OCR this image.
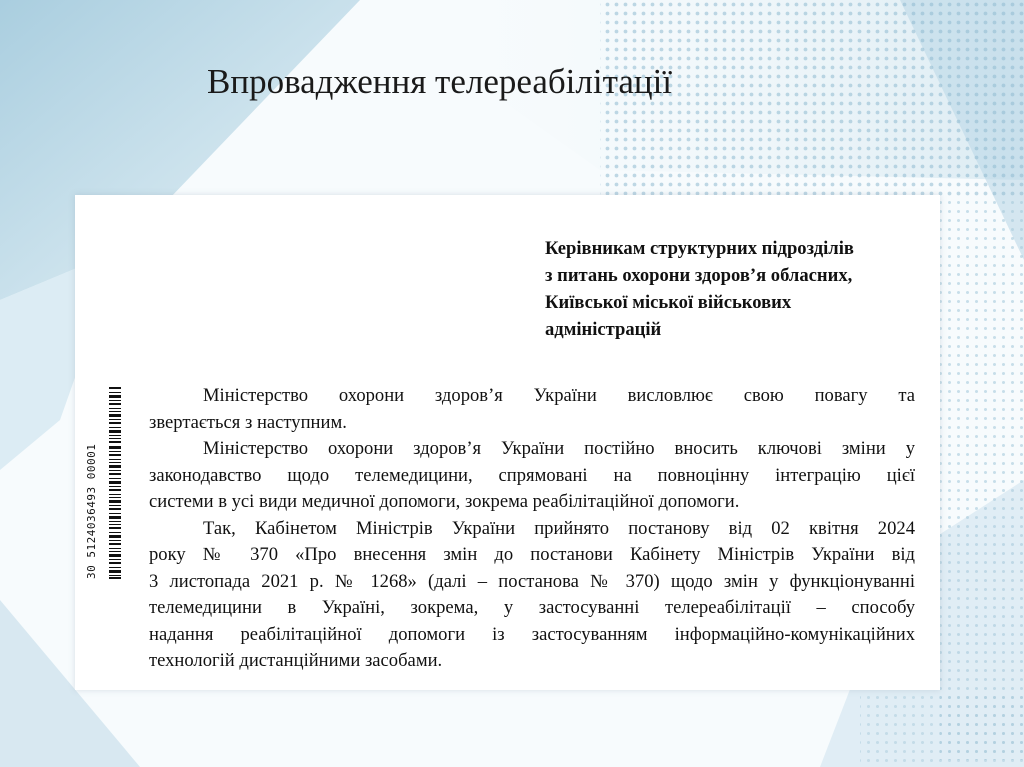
Впровадження телереабілітації
Керівникам структурних підрозділів
з питань охорони здоров’я обласних,
Київської міської військових
адміністрацій
30 5124036493 00001
Міністерство охорони здоров’я України висловлює свою повагу та
звертається з наступним.
Міністерство охорони здоров’я України постійно вносить ключові зміни у
законодавство щодо телемедицини, спрямовані на повноцінну інтеграцію цієї
системи в усі види медичної допомоги, зокрема реабілітаційної допомоги.
Так, Кабінетом Міністрів України прийнято постанову від 02 квітня 2024
року № 370 «Про внесення змін до постанови Кабінету Міністрів України від
3 листопада 2021 р. № 1268» (далі – постанова № 370) щодо змін у функціонуванні
телемедицини в Україні, зокрема, у застосуванні телереабілітації – способу
надання реабілітаційної допомоги із застосуванням інформаційно-комунікаційних
технологій дистанційними засобами.
